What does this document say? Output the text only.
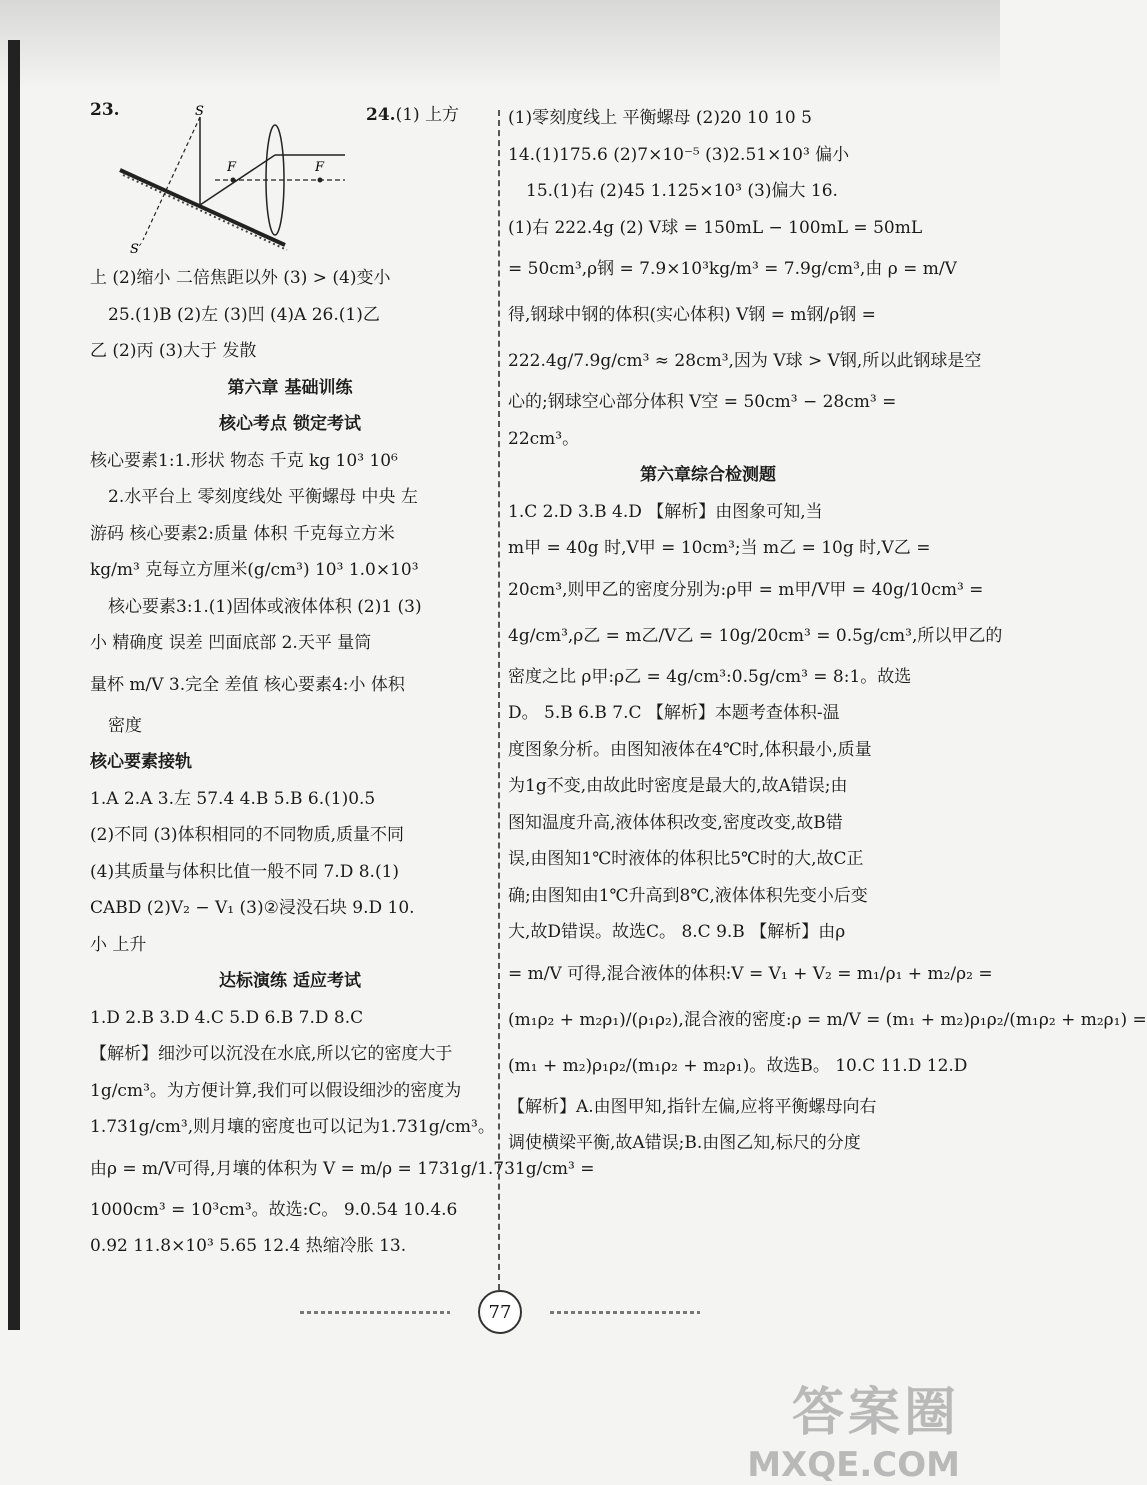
23.	24.(1) 上方
S
S′
F	F
上 (2)缩小 二倍焦距以外 (3) > (4)变小
25.(1)B (2)左 (3)凹 (4)A 26.(1)乙
乙 (2)丙 (3)大于 发散
第六章 基础训练
核心考点 锁定考试
核心要素1:1.形状 物态 千克 kg 10³ 10⁶
2.水平台上 零刻度线处 平衡螺母 中央 左
游码 核心要素2:质量 体积 千克每立方米
kg/m³ 克每立方厘米(g/cm³) 10³ 1.0×10³
核心要素3:1.(1)固体或液体体积 (2)1 (3)
小 精确度 误差 凹面底部 2.天平 量筒
量杯 m/V 3.完全 差值 核心要素4:小 体积
密度
核心要素接轨
1.A 2.A 3.左 57.4 4.B 5.B 6.(1)0.5
(2)不同 (3)体积相同的不同物质,质量不同
(4)其质量与体积比值一般不同 7.D 8.(1)
CABD (2)V₂ − V₁ (3)②浸没石块 9.D 10.
小 上升
达标演练 适应考试
1.D 2.B 3.D 4.C 5.D 6.B 7.D 8.C
【解析】细沙可以沉没在水底,所以它的密度大于
1g/cm³。为方便计算,我们可以假设细沙的密度为
1.731g/cm³,则月壤的密度也可以记为1.731g/cm³。
由ρ = m/V可得,月壤的体积为 V = m/ρ = 1731g/1.731g/cm³ =
1000cm³ = 10³cm³。故选:C。 9.0.54 10.4.6
0.92 11.8×10³ 5.65 12.4 热缩冷胀 13.
(1)零刻度线上 平衡螺母 (2)20 10 10 5
14.(1)175.6 (2)7×10⁻⁵ (3)2.51×10³ 偏小
15.(1)右 (2)45 1.125×10³ (3)偏大 16.
(1)右 222.4g (2) V球 = 150mL − 100mL = 50mL
= 50cm³,ρ钢 = 7.9×10³kg/m³ = 7.9g/cm³,由 ρ = m/V
得,钢球中钢的体积(实心体积) V钢 = m钢/ρ钢 =
222.4g/7.9g/cm³ ≈ 28cm³,因为 V球 > V钢,所以此钢球是空
心的;钢球空心部分体积 V空 = 50cm³ − 28cm³ =
22cm³。
第六章综合检测题
1.C 2.D 3.B 4.D 【解析】由图象可知,当
m甲 = 40g 时,V甲 = 10cm³;当 m乙 = 10g 时,V乙 =
20cm³,则甲乙的密度分别为:ρ甲 = m甲/V甲 = 40g/10cm³ =
4g/cm³,ρ乙 = m乙/V乙 = 10g/20cm³ = 0.5g/cm³,所以甲乙的
密度之比 ρ甲:ρ乙 = 4g/cm³:0.5g/cm³ = 8:1。故选
D。 5.B 6.B 7.C 【解析】本题考查体积-温
度图象分析。由图知液体在4℃时,体积最小,质量
为1g不变,由故此时密度是最大的,故A错误;由
图知温度升高,液体体积改变,密度改变,故B错
误,由图知1℃时液体的体积比5℃时的大,故C正
确;由图知由1℃升高到8℃,液体体积先变小后变
大,故D错误。故选C。 8.C 9.B 【解析】由ρ
= m/V 可得,混合液体的体积:V = V₁ + V₂ = m₁/ρ₁ + m₂/ρ₂ =
(m₁ρ₂ + m₂ρ₁)/(ρ₁ρ₂),混合液的密度:ρ = m/V = (m₁ + m₂)ρ₁ρ₂/(m₁ρ₂ + m₂ρ₁) =
(m₁ + m₂)ρ₁ρ₂/(m₁ρ₂ + m₂ρ₁)。故选B。 10.C 11.D 12.D
【解析】A.由图甲知,指针左偏,应将平衡螺母向右
调使横梁平衡,故A错误;B.由图乙知,标尺的分度
77
答案圈
MXQE.COM
